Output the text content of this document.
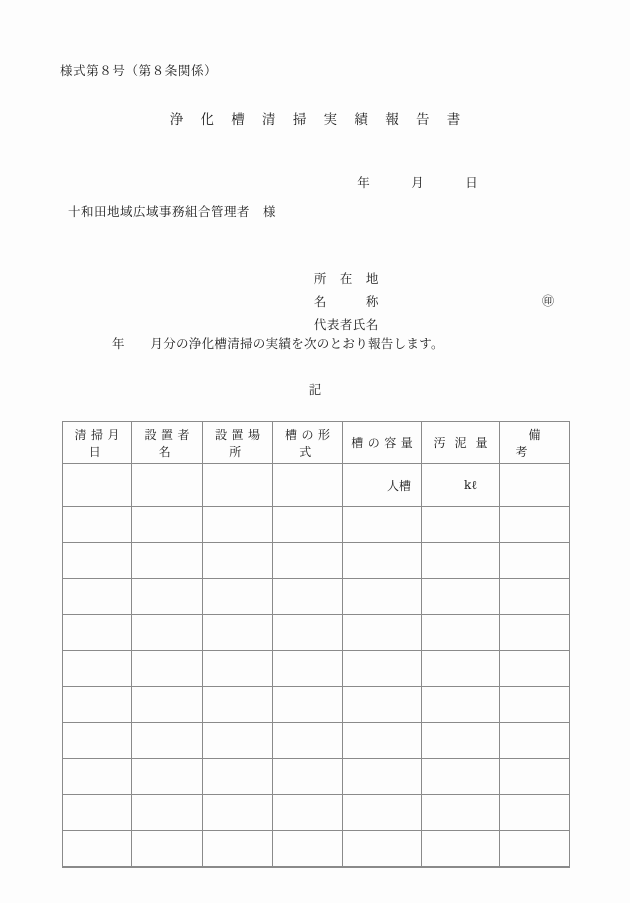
様式第８号（第８条関係）
浄 化 槽 清 掃 実 績 報 告 書

年　　　月　　　日

十和田地域広域事務組合管理者　様

所　在　地

名　　　称

代表者氏名

㊞

年　　月分の浄化槽清掃の実績を次のとおり報告します。
記
清掃月日	設置者名	設置場所	槽の形式	槽の容量	汚泥量	備考

				人槽	kℓ	
